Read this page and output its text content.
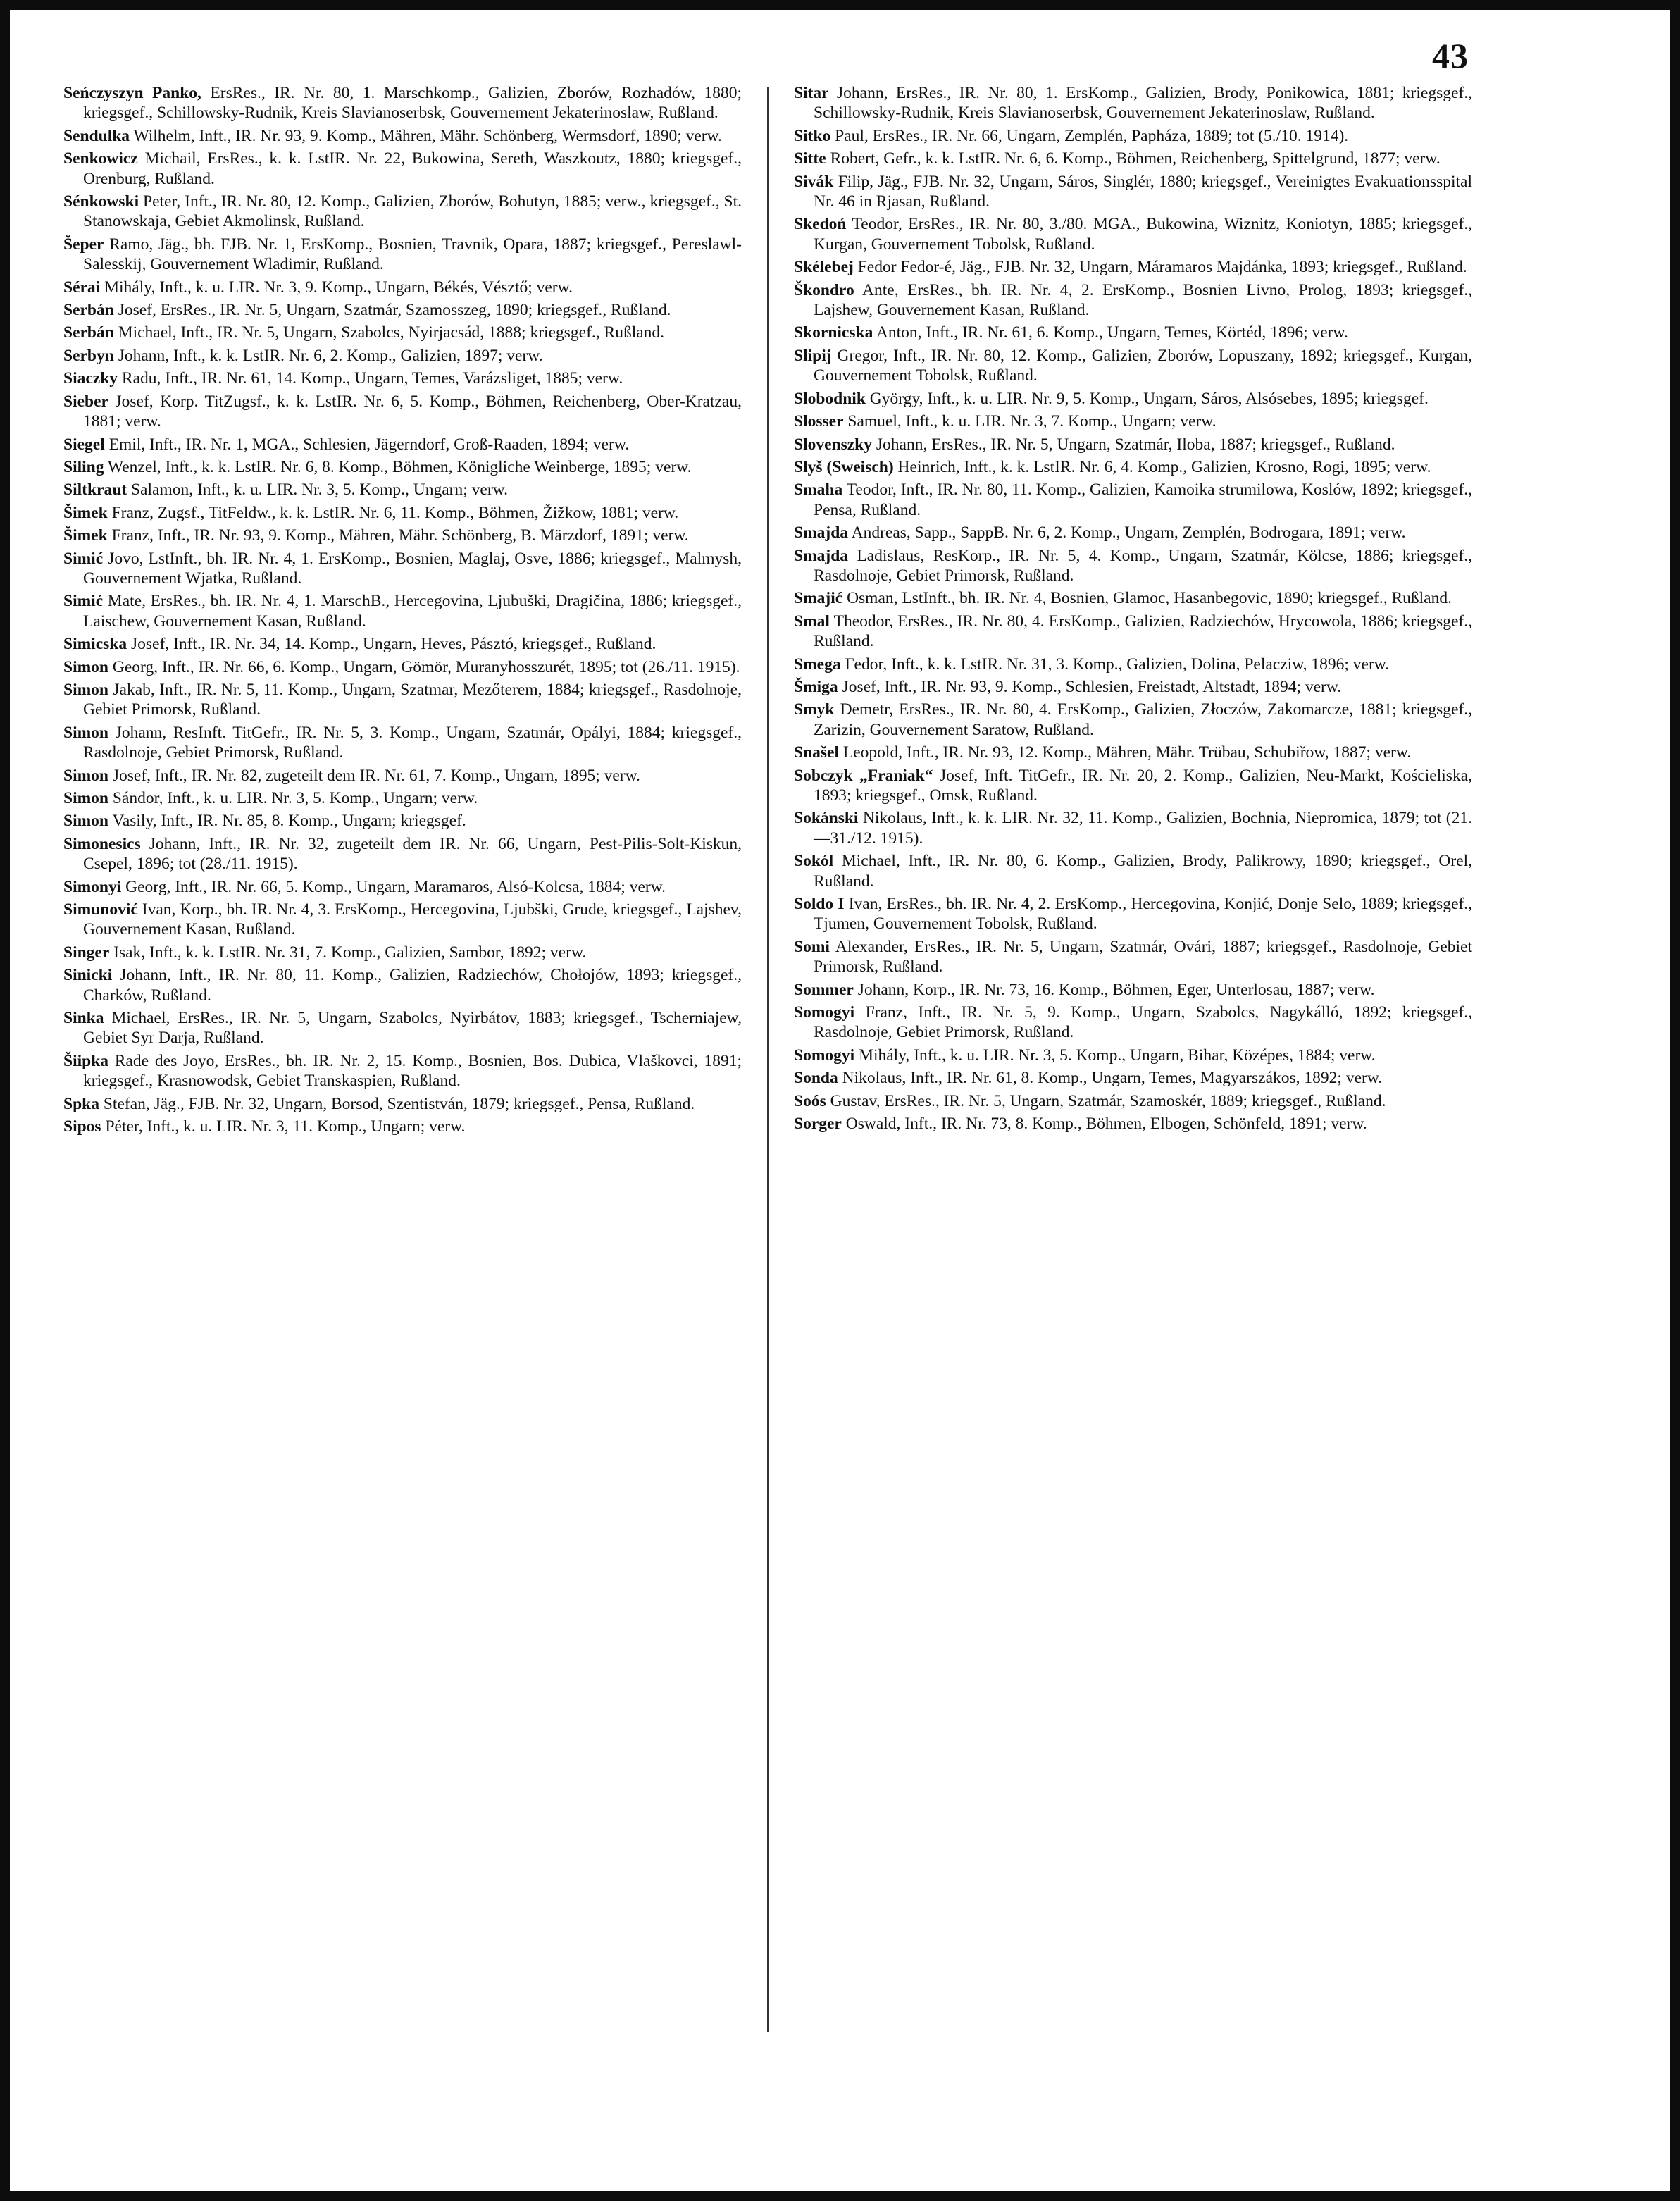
43

Seńczyszyn Panko, ErsRes., IR. Nr. 80, 1. Marschkomp., Galizien, Zborów, Rozhadów, 1880; kriegsgef., Schillowsky-Rudnik, Kreis Slavianoserbsk, Gouvernement Jekaterinoslaw, Rußland.

Sendulka Wilhelm, Inft., IR. Nr. 93, 9. Komp., Mähren, Mähr. Schönberg, Wermsdorf, 1890; verw.

Senkowicz Michail, ErsRes., k. k. LstIR. Nr. 22, Bukowina, Sereth, Waszkoutz, 1880; kriegsgef., Orenburg, Rußland.

Sénkowski Peter, Inft., IR. Nr. 80, 12. Komp., Galizien, Zborów, Bohutyn, 1885; verw., kriegsgef., St. Stanowskaja, Gebiet Akmolinsk, Rußland.

Šeper Ramo, Jäg., bh. FJB. Nr. 1, ErsKomp., Bosnien, Travnik, Opara, 1887; kriegsgef., Pereslawl-Salesskij, Gouvernement Wladimir, Rußland.

Sérai Mihály, Inft., k. u. LIR. Nr. 3, 9. Komp., Ungarn, Békés, Vésztő; verw.

Serbán Josef, ErsRes., IR. Nr. 5, Ungarn, Szatmár, Szamosszeg, 1890; kriegsgef., Rußland.

Serbán Michael, Inft., IR. Nr. 5, Ungarn, Szabolcs, Nyirjacsád, 1888; kriegsgef., Rußland.

Serbyn Johann, Inft., k. k. LstIR. Nr. 6, 2. Komp., Galizien, 1897; verw.

Siaczky Radu, Inft., IR. Nr. 61, 14. Komp., Ungarn, Temes, Varázsliget, 1885; verw.

Sieber Josef, Korp. TitZugsf., k. k. LstIR. Nr. 6, 5. Komp., Böhmen, Reichenberg, Ober-Kratzau, 1881; verw.

Siegel Emil, Inft., IR. Nr. 1, MGA., Schlesien, Jägerndorf, Groß-Raaden, 1894; verw.

Siling Wenzel, Inft., k. k. LstIR. Nr. 6, 8. Komp., Böhmen, Königliche Weinberge, 1895; verw.

Siltkraut Salamon, Inft., k. u. LIR. Nr. 3, 5. Komp., Ungarn; verw.

Šimek Franz, Zugsf., TitFeldw., k. k. LstIR. Nr. 6, 11. Komp., Böhmen, Žižkow, 1881; verw.

Šimek Franz, Inft., IR. Nr. 93, 9. Komp., Mähren, Mähr. Schönberg, B. Märzdorf, 1891; verw.

Simić Jovo, LstInft., bh. IR. Nr. 4, 1. ErsKomp., Bosnien, Maglaj, Osve, 1886; kriegsgef., Malmysh, Gouvernement Wjatka, Rußland.

Simić Mate, ErsRes., bh. IR. Nr. 4, 1. MarschB., Hercegovina, Ljubuški, Dragičina, 1886; kriegsgef., Laischew, Gouvernement Kasan, Rußland.

Simicska Josef, Inft., IR. Nr. 34, 14. Komp., Ungarn, Heves, Pásztó, kriegsgef., Rußland.

Simon Georg, Inft., IR. Nr. 66, 6. Komp., Ungarn, Gömör, Muranyhosszurét, 1895; tot (26./11. 1915).

Simon Jakab, Inft., IR. Nr. 5, 11. Komp., Ungarn, Szatmar, Mezőterem, 1884; kriegsgef., Rasdolnoje, Gebiet Primorsk, Rußland.

Simon Johann, ResInft. TitGefr., IR. Nr. 5, 3. Komp., Ungarn, Szatmár, Opályi, 1884; kriegsgef., Rasdolnoje, Gebiet Primorsk, Rußland.

Simon Josef, Inft., IR. Nr. 82, zugeteilt dem IR. Nr. 61, 7. Komp., Ungarn, 1895; verw.

Simon Sándor, Inft., k. u. LIR. Nr. 3, 5. Komp., Ungarn; verw.

Simon Vasily, Inft., IR. Nr. 85, 8. Komp., Ungarn; kriegsgef.

Simonesics Johann, Inft., IR. Nr. 32, zugeteilt dem IR. Nr. 66, Ungarn, Pest-Pilis-Solt-Kiskun, Csepel, 1896; tot (28./11. 1915).

Simonyi Georg, Inft., IR. Nr. 66, 5. Komp., Ungarn, Maramaros, Alsó-Kolcsa, 1884; verw.

Simunović Ivan, Korp., bh. IR. Nr. 4, 3. ErsKomp., Hercegovina, Ljubški, Grude, kriegsgef., Lajshev, Gouvernement Kasan, Rußland.

Singer Isak, Inft., k. k. LstIR. Nr. 31, 7. Komp., Galizien, Sambor, 1892; verw.

Sinicki Johann, Inft., IR. Nr. 80, 11. Komp., Galizien, Radziechów, Chołojów, 1893; kriegsgef., Charków, Rußland.

Sinka Michael, ErsRes., IR. Nr. 5, Ungarn, Szabolcs, Nyirbátov, 1883; kriegsgef., Tscherniajew, Gebiet Syr Darja, Rußland.

Šiipka Rade des Joyo, ErsRes., bh. IR. Nr. 2, 15. Komp., Bosnien, Bos. Dubica, Vlaškovci, 1891; kriegsgef., Krasnowodsk, Gebiet Transkaspien, Rußland.

Spka Stefan, Jäg., FJB. Nr. 32, Ungarn, Borsod, Szentistván, 1879; kriegsgef., Pensa, Rußland.

Sipos Péter, Inft., k. u. LIR. Nr. 3, 11. Komp., Ungarn; verw.

Sitar Johann, ErsRes., IR. Nr. 80, 1. ErsKomp., Galizien, Brody, Ponikowica, 1881; kriegsgef., Schillowsky-Rudnik, Kreis Slavianoserbsk, Gouvernement Jekaterinoslaw, Rußland.

Sitko Paul, ErsRes., IR. Nr. 66, Ungarn, Zemplén, Papháza, 1889; tot (5./10. 1914).

Sitte Robert, Gefr., k. k. LstIR. Nr. 6, 6. Komp., Böhmen, Reichenberg, Spittelgrund, 1877; verw.

Sivák Filip, Jäg., FJB. Nr. 32, Ungarn, Sáros, Singlér, 1880; kriegsgef., Vereinigtes Evakuationsspital Nr. 46 in Rjasan, Rußland.

Skedoń Teodor, ErsRes., IR. Nr. 80, 3./80. MGA., Bukowina, Wiznitz, Koniotyn, 1885; kriegsgef., Kurgan, Gouvernement Tobolsk, Rußland.

Skélebej Fedor Fedor-é, Jäg., FJB. Nr. 32, Ungarn, Máramaros Majdánka, 1893; kriegsgef., Rußland.

Škondro Ante, ErsRes., bh. IR. Nr. 4, 2. ErsKomp., Bosnien Livno, Prolog, 1893; kriegsgef., Lajshew, Gouvernement Kasan, Rußland.

Skornicska Anton, Inft., IR. Nr. 61, 6. Komp., Ungarn, Temes, Körtéd, 1896; verw.

Slipij Gregor, Inft., IR. Nr. 80, 12. Komp., Galizien, Zborów, Lopuszany, 1892; kriegsgef., Kurgan, Gouvernement Tobolsk, Rußland.

Slobodnik György, Inft., k. u. LIR. Nr. 9, 5. Komp., Ungarn, Sáros, Alsósebes, 1895; kriegsgef.

Slosser Samuel, Inft., k. u. LIR. Nr. 3, 7. Komp., Ungarn; verw.

Slovenszky Johann, ErsRes., IR. Nr. 5, Ungarn, Szatmár, Iloba, 1887; kriegsgef., Rußland.

Slyš (Sweisch) Heinrich, Inft., k. k. LstIR. Nr. 6, 4. Komp., Galizien, Krosno, Rogi, 1895; verw.

Smaha Teodor, Inft., IR. Nr. 80, 11. Komp., Galizien, Kamoika strumilowa, Koslów, 1892; kriegsgef., Pensa, Rußland.

Smajda Andreas, Sapp., SappB. Nr. 6, 2. Komp., Ungarn, Zemplén, Bodrogara, 1891; verw.

Smajda Ladislaus, ResKorp., IR. Nr. 5, 4. Komp., Ungarn, Szatmár, Kölcse, 1886; kriegsgef., Rasdolnoje, Gebiet Primorsk, Rußland.

Smajić Osman, LstInft., bh. IR. Nr. 4, Bosnien, Glamoc, Hasanbegovic, 1890; kriegsgef., Rußland.

Smal Theodor, ErsRes., IR. Nr. 80, 4. ErsKomp., Galizien, Radziechów, Hrycowola, 1886; kriegsgef., Rußland.

Smega Fedor, Inft., k. k. LstIR. Nr. 31, 3. Komp., Galizien, Dolina, Pelacziw, 1896; verw.

Šmiga Josef, Inft., IR. Nr. 93, 9. Komp., Schlesien, Freistadt, Altstadt, 1894; verw.

Smyk Demetr, ErsRes., IR. Nr. 80, 4. ErsKomp., Galizien, Złoczów, Zakomarcze, 1881; kriegsgef., Zarizin, Gouvernement Saratow, Rußland.

Snašel Leopold, Inft., IR. Nr. 93, 12. Komp., Mähren, Mähr. Trübau, Schubiřow, 1887; verw.

Sobczyk „Franiak“ Josef, Inft. TitGefr., IR. Nr. 20, 2. Komp., Galizien, Neu-Markt, Kościeliska, 1893; kriegsgef., Omsk, Rußland.

Sokánski Nikolaus, Inft., k. k. LIR. Nr. 32, 11. Komp., Galizien, Bochnia, Niepromica, 1879; tot (21.—31./12. 1915).

Sokól Michael, Inft., IR. Nr. 80, 6. Komp., Galizien, Brody, Palikrowy, 1890; kriegsgef., Orel, Rußland.

Soldo I Ivan, ErsRes., bh. IR. Nr. 4, 2. ErsKomp., Hercegovina, Konjić, Donje Selo, 1889; kriegsgef., Tjumen, Gouvernement Tobolsk, Rußland.

Somi Alexander, ErsRes., IR. Nr. 5, Ungarn, Szatmár, Ovári, 1887; kriegsgef., Rasdolnoje, Gebiet Primorsk, Rußland.

Sommer Johann, Korp., IR. Nr. 73, 16. Komp., Böhmen, Eger, Unterlosau, 1887; verw.

Somogyi Franz, Inft., IR. Nr. 5, 9. Komp., Ungarn, Szabolcs, Nagykálló, 1892; kriegsgef., Rasdolnoje, Gebiet Primorsk, Rußland.

Somogyi Mihály, Inft., k. u. LIR. Nr. 3, 5. Komp., Ungarn, Bihar, Középes, 1884; verw.

Sonda Nikolaus, Inft., IR. Nr. 61, 8. Komp., Ungarn, Temes, Magyarszákos, 1892; verw.

Soós Gustav, ErsRes., IR. Nr. 5, Ungarn, Szatmár, Szamoskér, 1889; kriegsgef., Rußland.

Sorger Oswald, Inft., IR. Nr. 73, 8. Komp., Böhmen, Elbogen, Schönfeld, 1891; verw.
